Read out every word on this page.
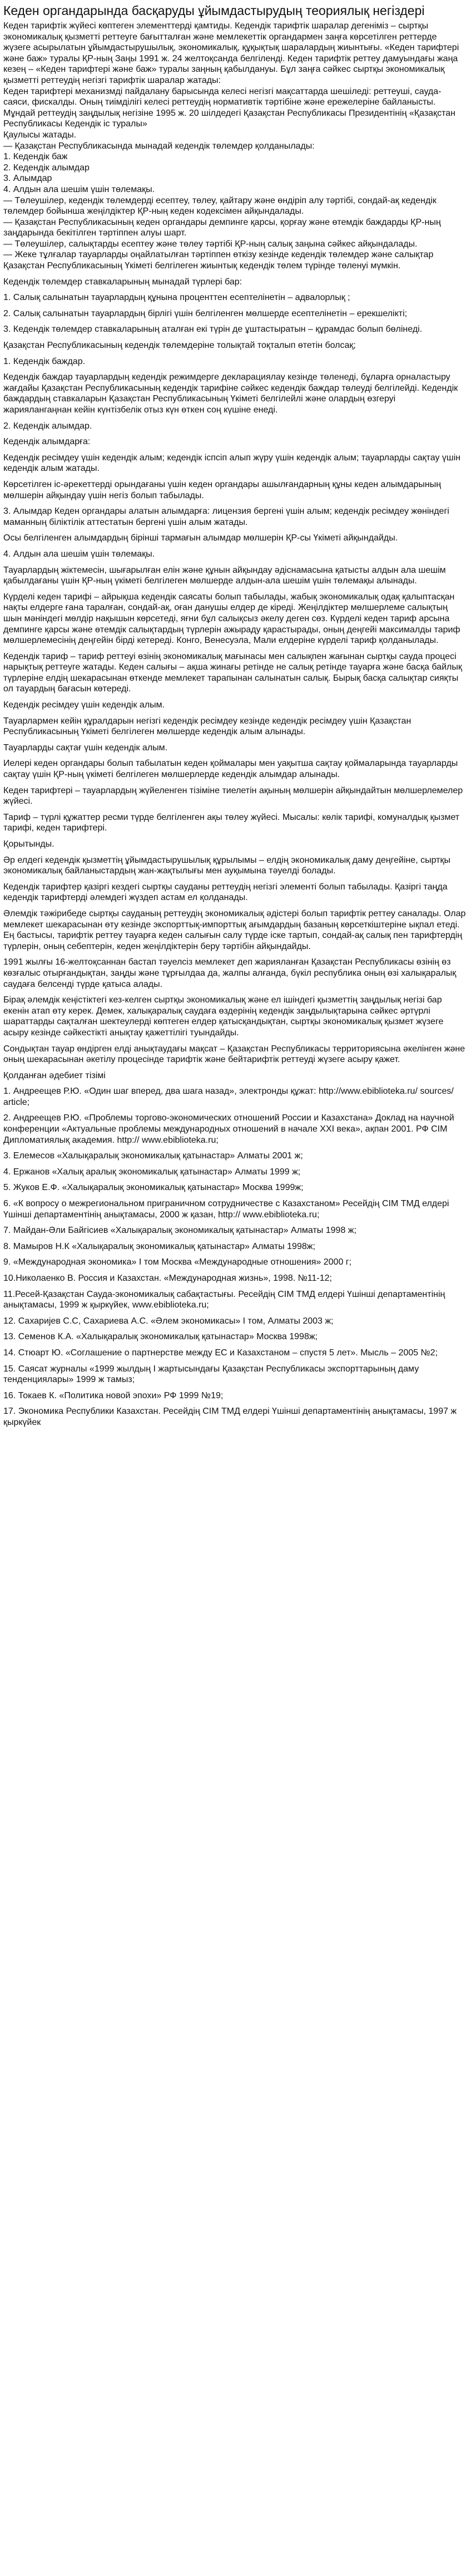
Кеден органдарында басқаруды ұйымдастырудың теориялық негіздері

Кеден тарифтік жүйесі көптеген элементтерді қамтиды. Кедендік тарифтік шаралар дегеніміз – сыртқы экономикалық қызметті реттеуге бағытталған және мемлекеттік органдармен заңға көрсетілген реттерде жүзеге асырылатын ұйымдастырушылық, экономикалық, құқықтық шаралардың жиынтығы. «Кеден тарифтері және баж» туралы ҚР-ның Заңы 1991 ж. 24 желтоқсанда белгіленді. Кеден тарифтік реттеу дамуындағы жаңа кезең – «Кеден тарифтері және баж» туралы заңның қабылдануы. Бұл заңға сәйкес сыртқы экономикалық қызметті реттеудің негізгі тарифтік шаралар жатады:

Кеден тарифтері механизмді пайдалану барысында келесі негізгі мақсаттарда шешіледі: реттеуші, сауда-саяси, фискалды. Оның тиімділігі келесі реттеудің нормативтік тәртібіне және ережелеріне байланысты. Мұндай реттеудің заңдылық негізіне 1995 ж. 20 шілдедегі Қазақстан Республикасы Президентінің «Қазақстан Республикасы Кедендік іс туралы»

Қаулысы жатады.

— Қазақстан Республикасында мынадай кедендік төлемдер қолданылады:

1. Кедендік баж

2. Кедендік алымдар

3. Алымдар

4. Алдын ала шешім үшін төлемақы.

— Төлеушілер, кедендік төлемдерді есептеу, төлеу, қайтару және өндіріп алу тәртібі, сондай-ақ кедендік төлемдер бойынша жеңілдіктер ҚР-ның кеден кодексімен айқындалады.

— Қазақстан Республикасының кеден органдары демпинге қарсы, қорғау және өтемдік баждарды ҚР-ның заңдарында бекітілген тәртіппен алуы шарт.

— Төлеушілер, салықтарды есептеу және төлеу тәртібі ҚР-ның салық заңына сәйкес айқындалады.

— Жеке тұлғалар тауарларды оңайлатылған тәртіппен өткізу кезінде кедендік төлемдер және салықтар Қазақстан Республикасының Үкіметі белгілеген жиынтық кедендік төлем түрінде төленуі мүмкін.

Кедендік төлемдер ставкаларының мынадай түрлері бар:

1. Салық салынатын тауарлардың құнына проценттен есептелінетін – адвалорлық ;

2. Салық салынатын тауарлардың бірлігі үшін белгіленген мөлшерде есептелінетін – ерекшелікті;

3. Кедендік төлемдер ставкаларының аталған екі түрін де ұштастыратын – құрамдас болып бөлінеді.

Қазақстан Республикасының кедендік төлемдеріне толықтай тоқталып өтетін болсақ;

1. Кедендік баждар.

Кедендік баждар тауарлардың кедендік режимдерге декларациялау кезінде төленеді, бұларға орналастыру жағдайы Қазақстан Республикасының кедендік тарифіне сәйкес кедендік баждар төлеуді белгілейді. Кедендік баждардың ставкаларын Қазақстан Республикасының Үкіметі белгілейлі және олардың өзгеруі жариялангаңнан кейін күнтізбелік отыз күн өткен соң күшіне енеді.

2. Кедендік алымдар.

Кедендік алымдарға:

Кедендік ресімдеу үшін кедендік алым; кедендік іспсіп алып жүру үшін кедендік алым; тауарларды сақтау үшін кедендік алым жатады.

Көрсетілген іс-әрекеттерді орындағаны үшін кеден органдары ашылғандарның құны кеден алымдарының мөлшерін айқындау үшін негіз болып табылады.

3. Алымдар Кеден органдары алатын алымдарға: лицензия бергені үшін алым; кедендік ресімдеу жөніндегі маманның біліктілік аттестатын бергені үшін алым жатады.

Осы белгіленген алымдардың бірінші тармағын алымдар мөлшерін ҚР-сы Үкіметі айқындайды.

4. Алдын ала шешім үшін төлемақы.

Тауарлардың жіктемесін, шығарылған елін және құнын айқындау әдіснамасына қатысты алдын ала шешім қабылдағаны үшін ҚР-ның үкіметі белгілеген мөлшерде алдын-ала шешім үшін төлемақы алынады.

Күрделі кеден тарифі – айрықша кедендік саясаты болып табылады, жабық экономикалық одақ қалыптасқан нақты елдерге ғана таралған, сондай-ақ, оған данушы елдер де кіреді. Жеңілдіктер мөлшерлеме салықтың шын мәніндегі мөлдір нақышын көрсетеді, яғни бұл салықсыз әкелу деген сөз. Күрделі кеден тариф арсына демпинге қарсы және өтемдік салықтардың түрлерін ажыраду қарастырады, оның деңгейі максималды тариф мөлшерлемесінің деңгейін бірді кетереді. Конго, Венесуэла, Мали елдеріне күрделі тариф қолданылады.

Кедендік тариф – тариф реттеуі өзінің экономикалық мағынасы мен салықпен жағынан сыртқы сауда процесі нарықтық реттеуге жатады. Кеден салығы – ақша жинағы ретінде не салық ретінде тауарға және басқа байлық түрлеріне елдің шекарасынан өткенде мемлекет тарапынан салынатын салық. Бырық басқа салықтар сияқты ол тауардың бағасын көтереді.

Кедендік ресімдеу үшін кедендік алым.

Тауарлармен кейін құралдарын негізгі кедендік ресімдеу кезінде кедендік ресімдеу үшін Қазақстан Республикасының Үкіметі белгілеген мөлшерде кедендік алым алынады.

Тауарларды сақтағ үшін кедендік алым.

Иелері кеден органдары болып табылатын кеден қоймалары мен уақытша сақтау қоймаларында тауарларды сақтау үшін ҚР-ның үкіметі белгілеген мөлшерлерде кедендік алымдар алынады.

Кеден тарифтері – тауарлардың жүйеленген тізіміне тиелетін ақының мөлшерін айқындайтын мөлшерлемелер жүйесі.

Тариф – түрлі құжаттер ресми түрде белгіленген ақы төлеу жүйесі. Мысалы: көлік тарифі, комуналдық қызмет тарифі, кеден тарифтері.

Қорытынды.

Әр елдегі кедендік қызметтің ұйымдастырушылық құрылымы – елдің экономикалық даму деңгейіне, сыртқы экономикалық байланыстардың жан-жақтылығы мен ауқымына тәуелді болады.

Кедендік тарифтер қазіргі кездегі сыртқы сауданы реттеудің негізгі элементі болып табылады. Қазіргі таңда кедендік тарифтерді әлемдегі жүздеп астам ел қолданады.

Әлемдік тәжірибеде сыртқы сауданың реттеудің экономикалық әдістері болып тарифтік реттеу саналады. Олар мемлекет шекарасынан өту кезінде экспорттық-импорттық ағымдардың базаның көрсеткіштеріне ықпал етеді. Ең бастысы, тарифтік реттеу тауарға кеден салығын салу түрде іске тартып, сондай-ақ салық пен тарифтердің түрлерін, оның себептерін, кеден жеңілдіктерін беру тәртібін айқындайды.

1991 жылғы 16-желтоқсаннан бастап тәуелсіз мемлекет деп жарияланған Қазақстан Республикасы өзінің өз көзғалыс отырғандықтан, заңды және тұрғылдаа да, жалпы алғанда, бүкіл республика оның өзі халықаралық саудаға белсенді түрде қатыса алады.

Бірақ әлемдік кеңістіктегі кез-келген сыртқы экономикалық және ел ішіндегі қызметтің заңдылық негізі бар екенін атап өту керек. Демек, халықаралық саудаға өздерінің кедендік заңдылықтарына сәйкес әртүрлі шараттарды сақталған шектеулерді көптеген елдер қатысқандықтан, сыртқы экономикалық қызмет жүзеге асыру кезінде сәйкестікті анықтау қажеттілігі туындайды.

Сондықтан тауар өндірген елді анықтаудағы мақсат – Қазақстан Республикасы территориясына әкелінген және оның шекарасынан әкетілу процесінде тарифтік және бейтарифтік реттеуді жүзеге асыру қажет.

Қолданған әдебиет тізімі

1. Андреещев Р.Ю. «Один шаг вперед, два шага назад», электронды құжат: http://www.ebiblioteka.ru/ sources/ article;

2. Андреещев Р.Ю. «Проблемы торгово-экономических отношений России и Казахстана» Доклад на научной конференции «Актуальные проблемы международных отношений в начале XXI века», ақпан 2001. РФ СІМ Дипломатиялық академия. http:// www.ebiblioteka.ru;

3. Елемесов «Халықаралық экономикалық қатынастар» Алматы 2001 ж;

4. Ержанов «Халық аралық экономикалық қатынастар» Алматы 1999 ж;

5. Жуков Е.Ф. «Халықаралық экономикалық қатынастар» Москва 1999ж;

6. «К вопросу о межрегиональном приграничном сотрудничестве с Казахстаном» Ресейдің СІМ ТМД елдері Үшінші департаментінің анықтамасы, 2000 ж қазан, http:// www.ebiblioteka.ru;

7. Майдан-Әли Байгісиев «Халықаралық экономикалық қатынастар» Алматы 1998 ж;

8. Мамыров Н.К «Халықаралық экономикалық қатынастар» Алматы 1998ж;

9. «Международная экономика» І том Москва «Международные отношения» 2000 г;

10.Николаенко В. Россия и Казахстан. «Международная жизнь», 1998. №11-12;

11.Ресей-Қазақстан Сауда-экономикалық сабақтастығы. Ресейдің СІМ ТМД елдері Үшінші департаментінің анықтамасы, 1999 ж қыркүйек, www.ebiblioteka.ru;

12. Сахаријев С.С, Сахариева А.С. «Әлем экономикасы» І том, Алматы 2003 ж;

13. Семенов К.А. «Халықаралық экономикалық қатынастар» Москва 1998ж;

14. Стюарт Ю. «Соглашение о партнерстве между ЕС и Казахстаном – спустя 5 лет». Мысль – 2005 №2;

15. Саясат журналы «1999 жылдың І жартысындағы Қазақстан Республикасы экспорттарының даму тенденциялары» 1999 ж тамыз;

16. Токаев К. «Политика новой эпохи» РФ 1999 №19;

17. Экономика Республики Казахстан. Ресейдің СІМ ТМД елдері Үшінші департаментінің анықтамасы, 1997 ж қыркүйек
